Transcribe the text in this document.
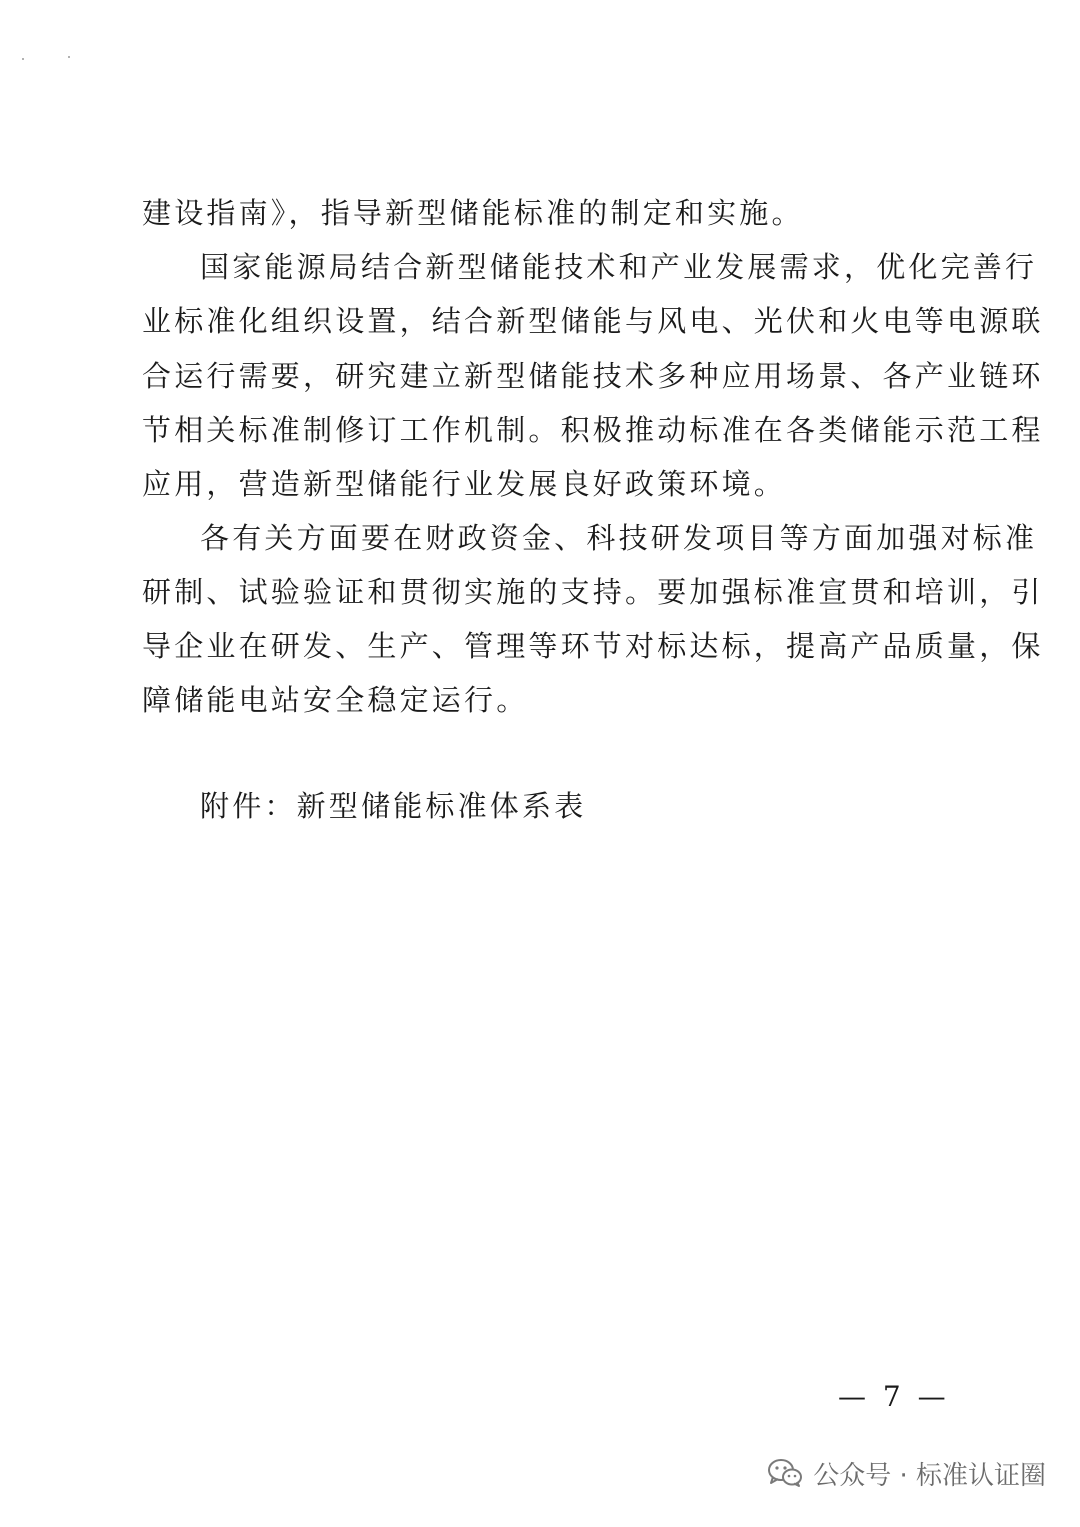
建设指南》，指导新型储能标准的制定和实施。
国家能源局结合新型储能技术和产业发展需求，优化完善行
业标准化组织设置，结合新型储能与风电、光伏和火电等电源联
合运行需要，研究建立新型储能技术多种应用场景、各产业链环
节相关标准制修订工作机制。积极推动标准在各类储能示范工程
应用，营造新型储能行业发展良好政策环境。
各有关方面要在财政资金、科技研发项目等方面加强对标准
研制、试验验证和贯彻实施的支持。要加强标准宣贯和培训，引
导企业在研发、生产、管理等环节对标达标，提高产品质量，保
障储能电站安全稳定运行。
附件：新型储能标准体系表
— 7 —
公众号 · 标准认证圈
